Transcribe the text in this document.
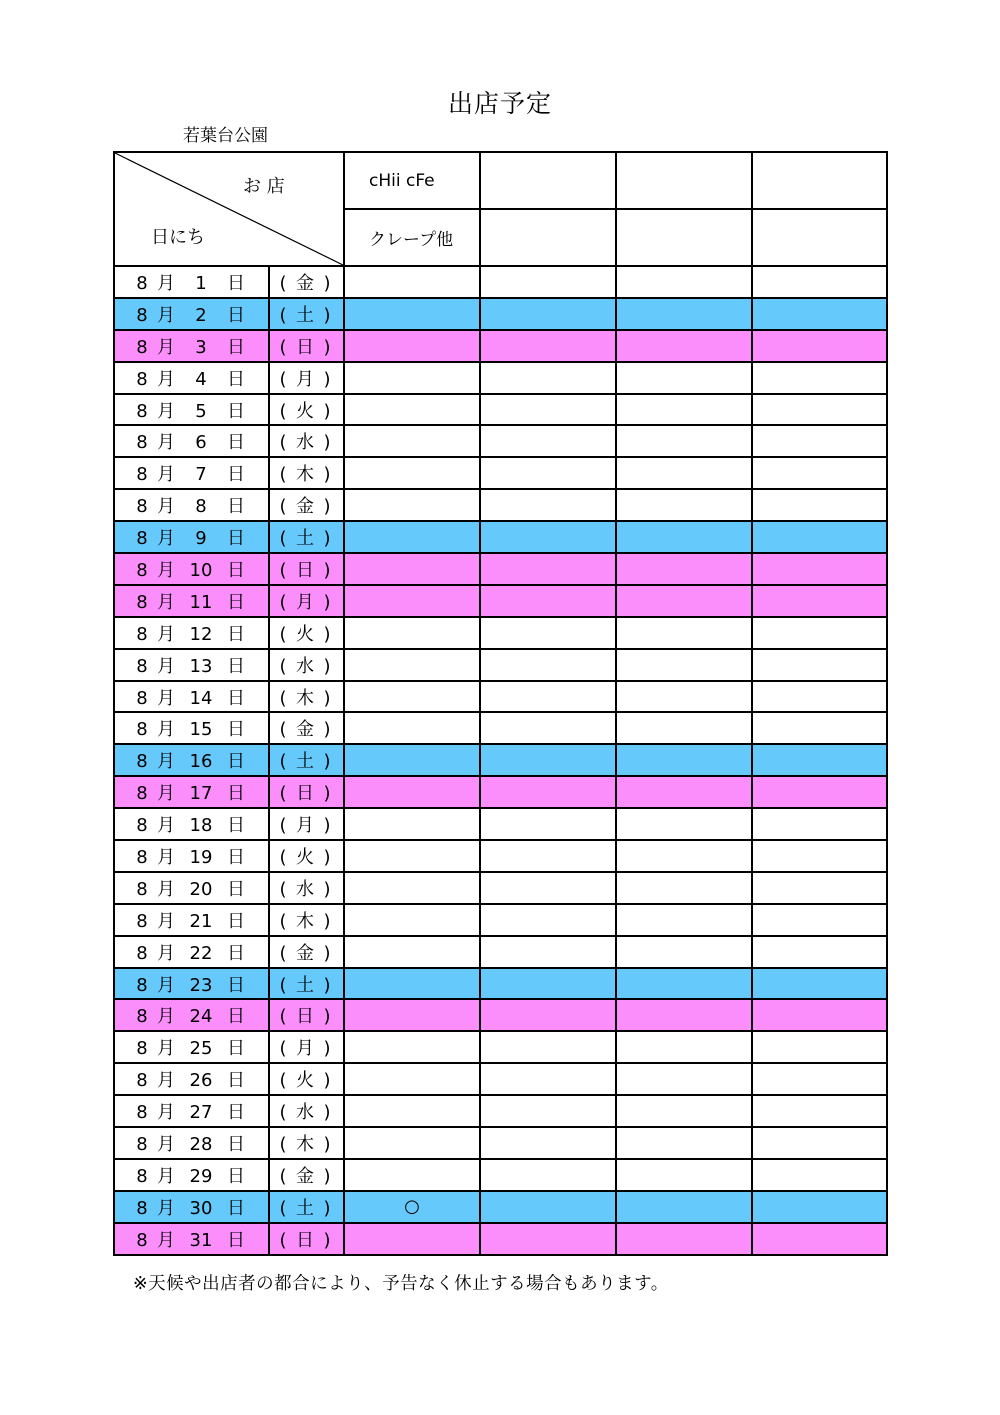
出店予定
若葉台公園
お 店
日にち		cHii cFe			
		クレープ他			
8 月 1 日	( 金 )				
8 月 2 日	( 土 )				
8 月 3 日	( 日 )				
8 月 4 日	( 月 )				
8 月 5 日	( 火 )				
8 月 6 日	( 水 )				
8 月 7 日	( 木 )				
8 月 8 日	( 金 )				
8 月 9 日	( 土 )				
8 月 10 日	( 日 )				
8 月 11 日	( 月 )				
8 月 12 日	( 火 )				
8 月 13 日	( 水 )				
8 月 14 日	( 木 )				
8 月 15 日	( 金 )				
8 月 16 日	( 土 )				
8 月 17 日	( 日 )				
8 月 18 日	( 月 )				
8 月 19 日	( 火 )				
8 月 20 日	( 水 )				
8 月 21 日	( 木 )				
8 月 22 日	( 金 )				
8 月 23 日	( 土 )				
8 月 24 日	( 日 )				
8 月 25 日	( 月 )				
8 月 26 日	( 火 )				
8 月 27 日	( 水 )				
8 月 28 日	( 木 )				
8 月 29 日	( 金 )				
8 月 30 日	( 土 )	○			
8 月 31 日	( 日 )				
※天候や出店者の都合により、予告なく休止する場合もあります。
